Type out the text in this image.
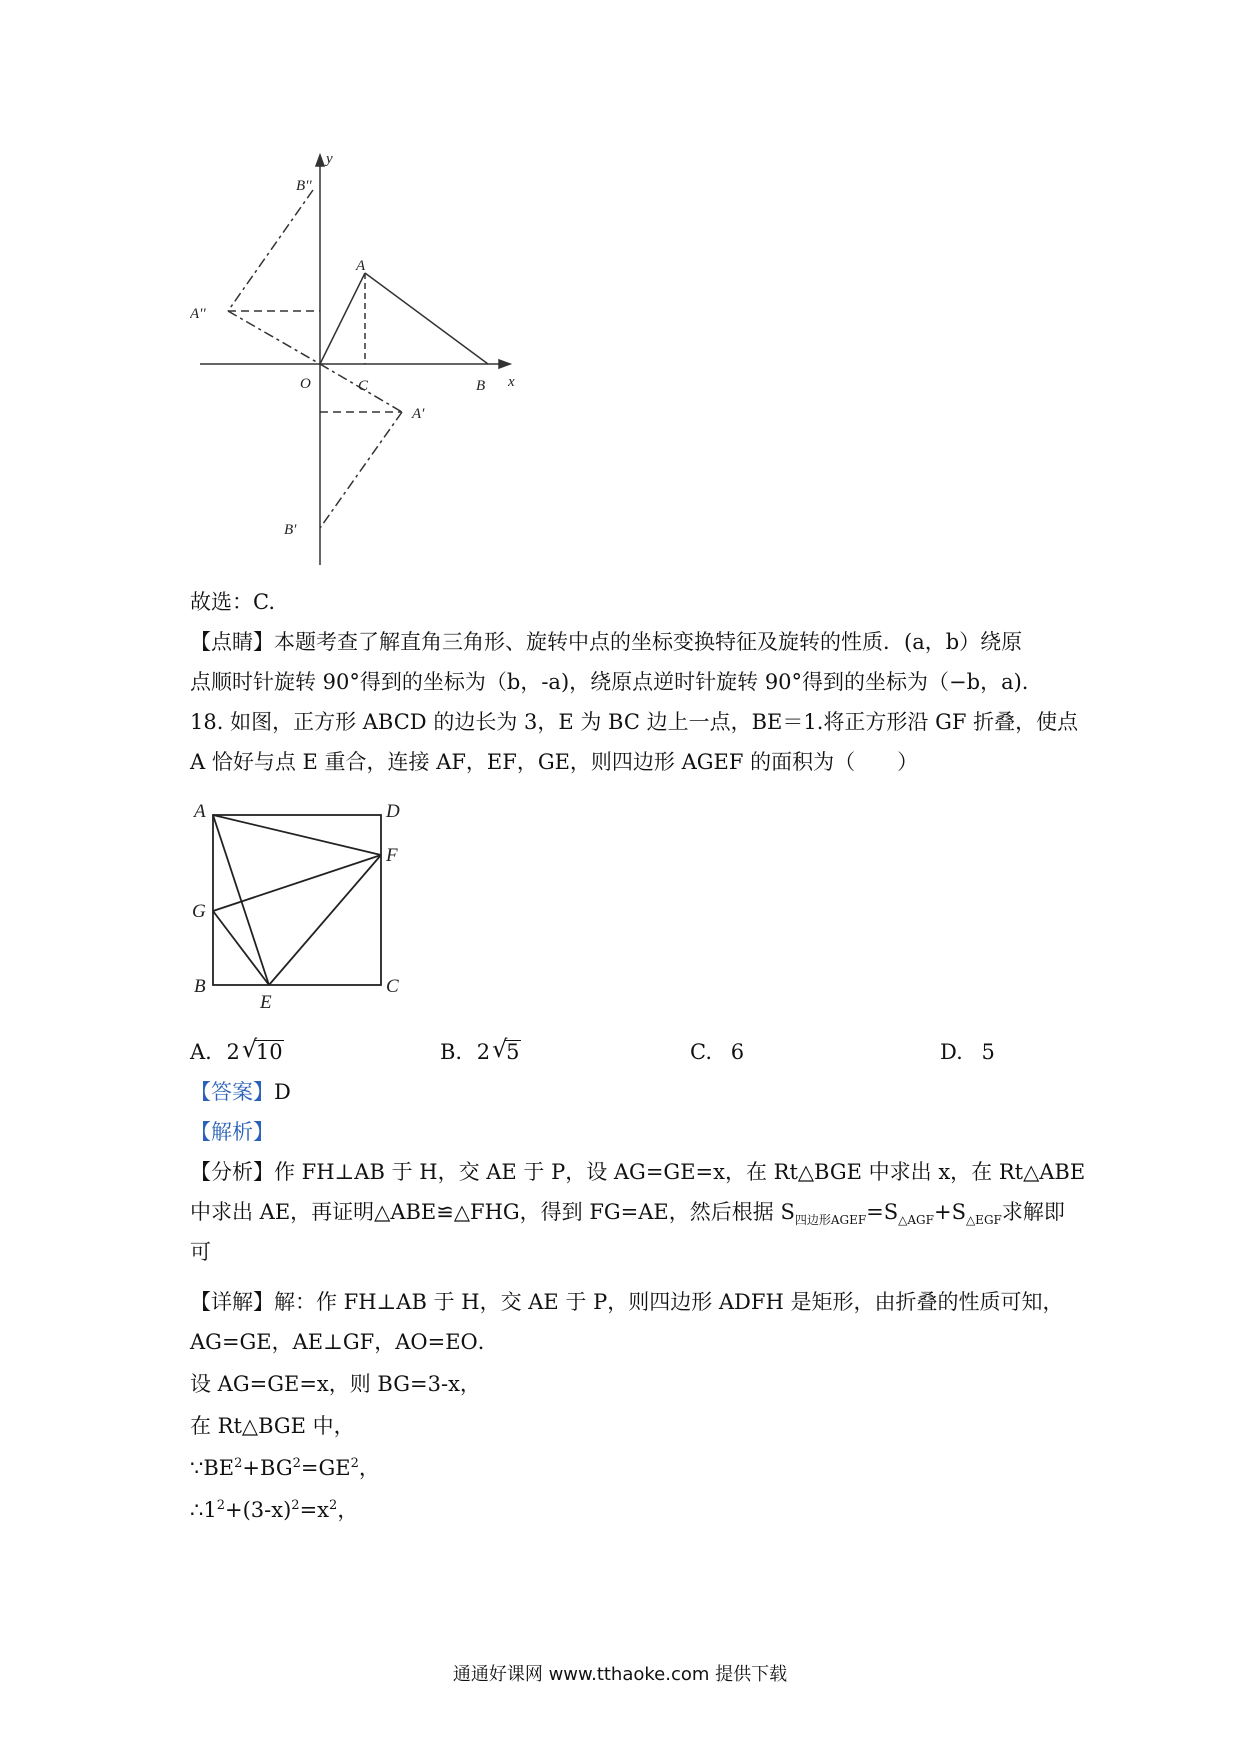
y
B''
A
A''
O	C	B x
A′
B′
故选：C.
【点睛】本题考查了解直角三角形、旋转中点的坐标变换特征及旋转的性质．(a，b）绕原
点顺时针旋转 90°得到的坐标为（b，-a)，绕原点逆时针旋转 90°得到的坐标为（−b，a).
18. 如图，正方形 ABCD 的边长为 3，E 为 BC 边上一点，BE＝1.将正方形沿 GF 折叠，使点
A 恰好与点 E 重合，连接 AF，EF，GE，则四边形 AGEF 的面积为（　　）
A	D
F
G
B
E
C
A. 2 √
10	B. 2 √
5	C. 6	D. 5
【答案】D
【解析】
【分析】作 FH⊥AB 于 H，交 AE 于 P，设 AG=GE=x，在 Rt△BGE 中求出 x，在 Rt△ABE
中求出 AE，再证明△ABE≌△FHG，得到 FG=AE，然后根据 $S_{四边形AGEF}=S_{\triangle AGF}+S_{\triangle EGF}$求解即
可
【详解】解：作 FH⊥AB 于 H，交 AE 于 P，则四边形 ADFH 是矩形，由折叠的性质可知，
AG=GE，AE⊥GF，AO=EO．
设 AG=GE=x，则 BG=3-x，
在 Rt△BGE 中，
$\because BE^2+BG^2=GE^2$，
$\therefore 1^2+(3-x)^2=x^2$，
通通好课网 www.tthaoke.com 提供下载
